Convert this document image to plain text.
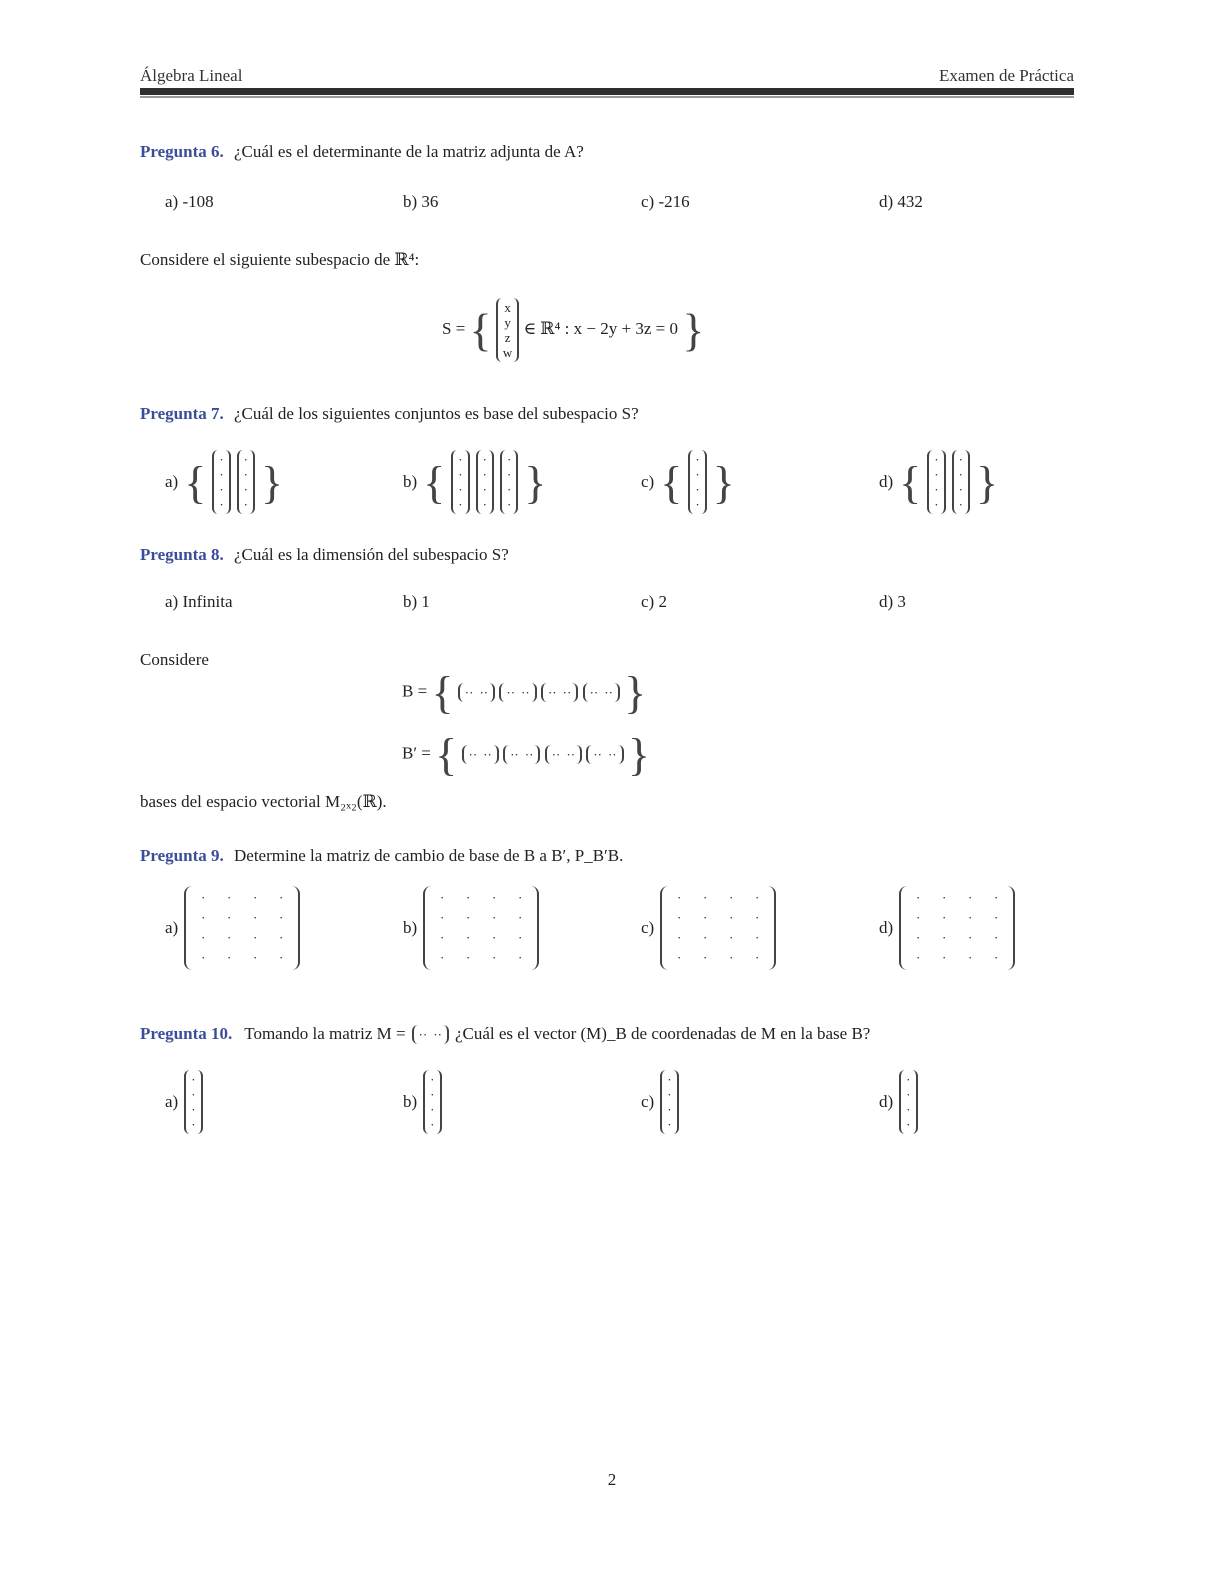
Álgebra Lineal	Examen de Práctica
Pregunta 6. ¿Cuál es el determinante de la matriz adjunta de A?
a) -108	b) 36	c) -216	d) 432
Considere el siguiente subespacio de ℝ⁴:
S = { x
y
z
w
∈ ℝ⁴ : x − 2y + 3z = 0 }
Pregunta 7. ¿Cuál de los siguientes conjuntos es base del subespacio S?
a) { ·
·
·
·
·
·
·
· }	b) { ·
·
·
·
·
·
·
·
·
·
·
· }	c) { ·
·
·
· }	d) { ·
·
·
·
·
·
·
· }
Pregunta 8. ¿Cuál es la dimensión del subespacio S?
a) Infinita	b) 1	c) 2	d) 3
Considere
B = { ·· ··
·· ··
·· ··
·· ·· }
B′ = { ·· ··
·· ··
·· ··
·· ·· }
bases del espacio vectorial M₂ₓ₂(ℝ).
Pregunta 9. Determine la matriz de cambio de base de B a B′, P_B′B.
a)
·	·	·	·
·	·	·	·
·	·	·	·
·	·	·	·
b)
·	·	·	·
·	·	·	·
·	·	·	·
·	·	·	·
c)
·	·	·	·
·	·	·	·
·	·	·	·
·	·	·	·
d)
·	·	·	·
·	·	·	·
·	·	·	·
·	·	·	·
Pregunta 10. Tomando la matriz M = ·· ·· ¿Cuál es el vector (M)_B de coordenadas de M en la base B?
a)
·
·
·
·
b)
·
·
·
·
c)
·
·
·
·
d)
·
·
·
·
2
